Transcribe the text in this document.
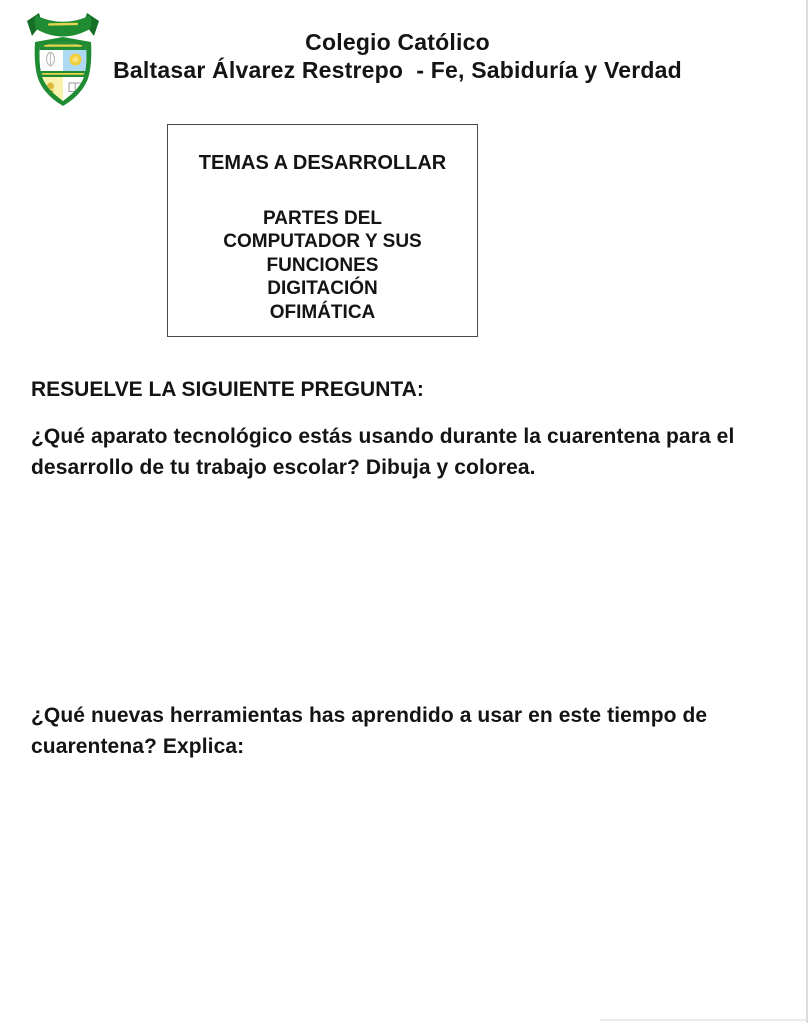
Colegio Católico
Baltasar Álvarez Restrepo  - Fe, Sabiduría y Verdad
TEMAS A DESARROLLAR
PARTES DEL
COMPUTADOR Y SUS
FUNCIONES
DIGITACIÓN
OFIMÁTICA
RESUELVE LA SIGUIENTE PREGUNTA:
¿Qué aparato tecnológico estás usando durante la cuarentena para el
desarrollo de tu trabajo escolar? Dibuja y colorea.
¿Qué nuevas herramientas has aprendido a usar en este tiempo de
cuarentena? Explica:
